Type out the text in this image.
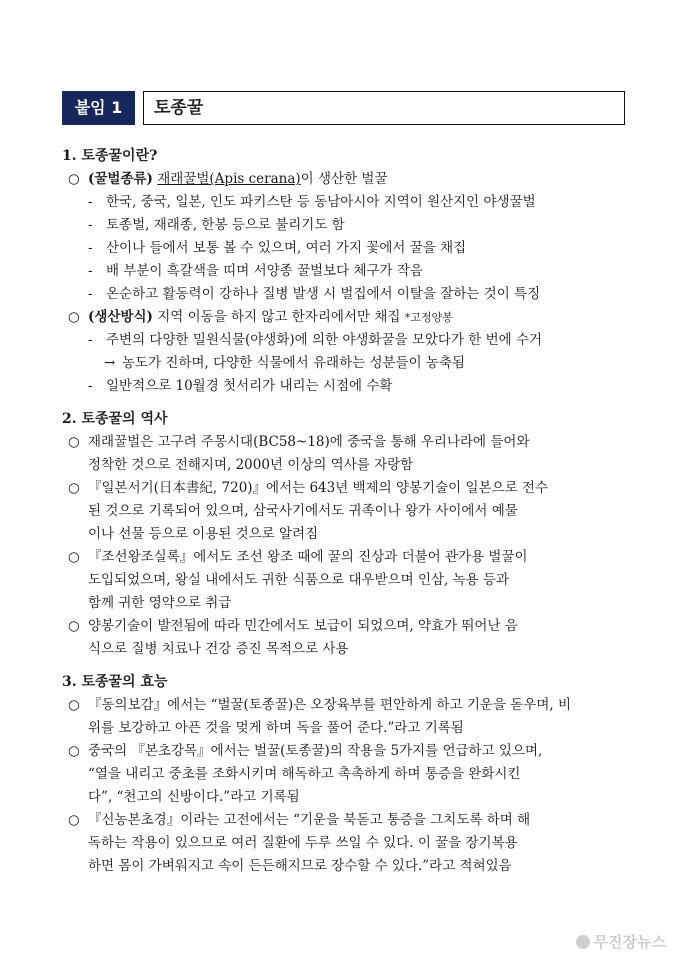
붙임 1	토종꿀
1. 토종꿀이란?
○ (꿀벌종류) 재래꿀벌(Apis cerana)이 생산한 벌꿀
- 한국, 중국, 일본, 인도 파키스탄 등 동남아시아 지역이 원산지인 야생꿀벌
- 토종벌, 재래종, 한봉 등으로 불리기도 함
- 산이나 들에서 보통 볼 수 있으며, 여러 가지 꽃에서 꿀을 채집
- 배 부분이 흑갈색을 띠며 서양종 꿀벌보다 체구가 작음
- 온순하고 활동력이 강하나 질병 발생 시 벌집에서 이탈을 잘하는 것이 특징
○ (생산방식) 지역 이동을 하지 않고 한자리에서만 채집 *고정양봉
- 주변의 다양한 밀원식물(야생화)에 의한 야생화꿀을 모았다가 한 번에 수거
→ 농도가 진하며, 다양한 식물에서 유래하는 성분들이 농축됨
- 일반적으로 10월경 첫서리가 내리는 시점에 수확
2. 토종꿀의 역사
○ 재래꿀벌은 고구려 주몽시대(BC58~18)에 중국을 통해 우리나라에 들어와
정착한 것으로 전해지며, 2000년 이상의 역사를 자랑함
○ 『일본서기(日本書紀, 720)』에서는 643년 백제의 양봉기술이 일본으로 전수
된 것으로 기록되어 있으며, 삼국사기에서도 귀족이나 왕가 사이에서 예물
이나 선물 등으로 이용된 것으로 알려짐
○ 『조선왕조실록』에서도 조선 왕조 때에 꿀의 진상과 더불어 관가용 벌꿀이
도입되었으며, 왕실 내에서도 귀한 식품으로 대우받으며 인삼, 녹용 등과
함께 귀한 영약으로 취급
○ 양봉기술이 발전됨에 따라 민간에서도 보급이 되었으며, 약효가 뛰어난 음
식으로 질병 치료나 건강 증진 목적으로 사용
3. 토종꿀의 효능
○ 『동의보감』에서는 “벌꿀(토종꿀)은 오장육부를 편안하게 하고 기운을 돋우며, 비
위를 보강하고 아픈 것을 멎게 하며 독을 풀어 준다.”라고 기록됨
○ 중국의 『본초강목』에서는 벌꿀(토종꿀)의 작용을 5가지를 언급하고 있으며,
“열을 내리고 중초를 조화시키며 해독하고 촉촉하게 하며 통증을 완화시킨
다”, “천고의 신방이다.”라고 기록됨
○ 『신농본초경』이라는 고전에서는 “기운을 북돋고 통증을 그치도록 하며 해
독하는 작용이 있으므로 여러 질환에 두루 쓰일 수 있다. 이 꿀을 장기복용
하면 몸이 가벼워지고 속이 든든해지므로 장수할 수 있다.”라고 적혀있음
무진장뉴스
